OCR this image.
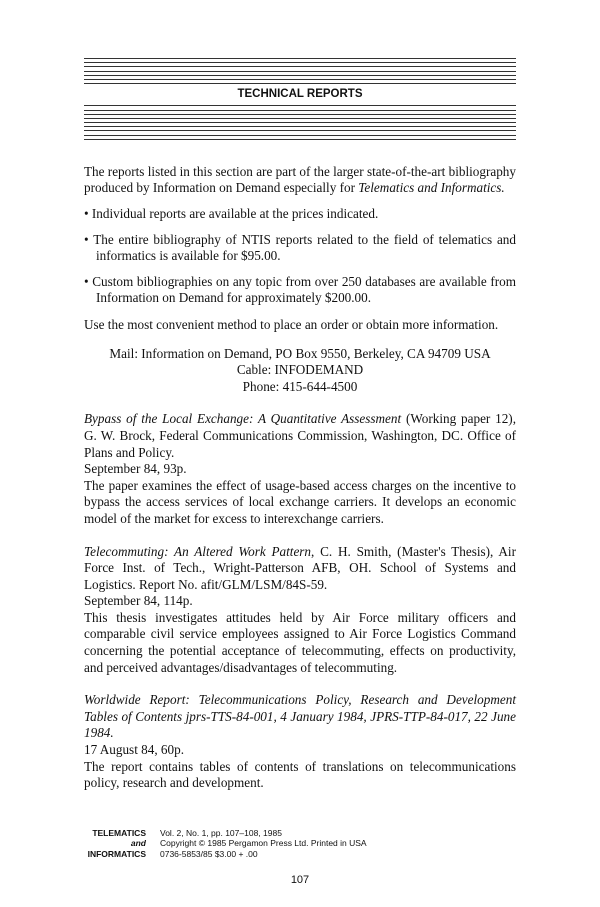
TECHNICAL REPORTS
The reports listed in this section are part of the larger state-of-the-art bibliography produced by Information on Demand especially for Telematics and Informatics.
• Individual reports are available at the prices indicated.
• The entire bibliography of NTIS reports related to the field of telematics and informatics is available for $95.00.
• Custom bibliographies on any topic from over 250 databases are available from Information on Demand for approximately $200.00.
Use the most convenient method to place an order or obtain more information.
Mail: Information on Demand, PO Box 9550, Berkeley, CA 94709 USA
Cable: INFODEMAND
Phone: 415-644-4500
Bypass of the Local Exchange: A Quantitative Assessment (Working paper 12), G. W. Brock, Federal Communications Commission, Washington, DC. Office of Plans and Policy.
September 84, 93p.
The paper examines the effect of usage-based access charges on the incentive to bypass the access services of local exchange carriers. It develops an economic model of the market for excess to interexchange carriers.
Telecommuting: An Altered Work Pattern, C. H. Smith, (Master's Thesis), Air Force Inst. of Tech., Wright-Patterson AFB, OH. School of Systems and Logistics. Report No. afit/GLM/LSM/84S-59.
September 84, 114p.
This thesis investigates attitudes held by Air Force military officers and comparable civil service employees assigned to Air Force Logistics Command concerning the potential acceptance of telecommuting, effects on productivity, and perceived advantages/disadvantages of telecommuting.
Worldwide Report: Telecommunications Policy, Research and Development Tables of Contents jprs-TTS-84-001, 4 January 1984, JPRS-TTP-84-017, 22 June 1984.
17 August 84, 60p.
The report contains tables of contents of translations on telecommunications policy, research and development.
TELEMATICS
and
INFORMATICS
Vol. 2, No. 1, pp. 107–108, 1985
Copyright © 1985 Pergamon Press Ltd. Printed in USA
0736-5853/85 $3.00 + .00
107
